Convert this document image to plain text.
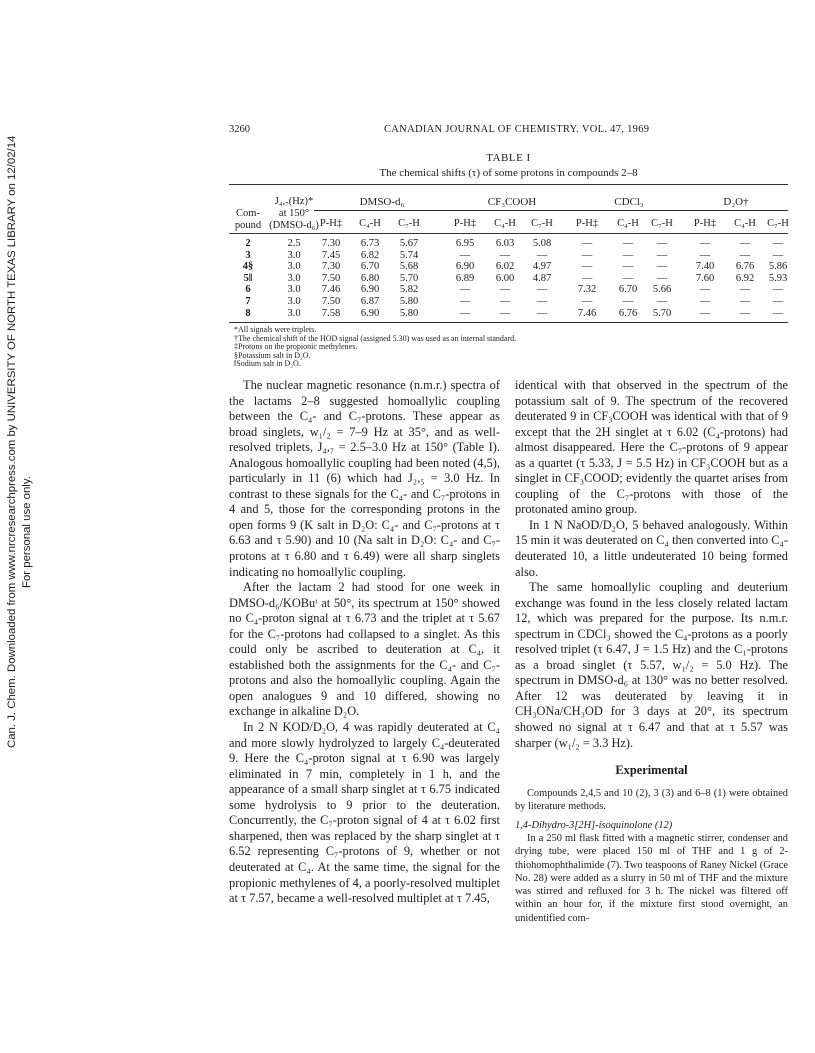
Can. J. Chem. Downloaded from www.nrcresearchpress.com by UNIVERSITY OF NORTH TEXAS LIBRARY on 12/02/14 For personal use only.
3260	CANADIAN JOURNAL OF CHEMISTRY. VOL. 47, 1969
TABLE I
The chemical shifts (τ) of some protons in compounds 2–8
Com-
pound
J₄,₇(Hz)*
at 150°
(DMSO-d₆)
DMSO-d₆	CF₃COOH	CDCl₃	D₂O†
P-H‡	C₄-H	C₇-H	P-H‡	C₄-H	C₇-H	P-H‡	C₄-H	C₇-H	P-H‡	C₄-H	C₇-H
2	2.5	7.30	6.73	5.67	6.95	6.03	5.08	—	—	—	—	—	—
3	3.0	7.45	6.82	5.74	—	—	—	—	—	—	—	—	—
4§	3.0	7.30	6.70	5.68	6.90	6.02	4.97	—	—	—	7.40	6.76	5.86
5‖	3.0	7.50	6.80	5.70	6.89	6.00	4.87	—	—	—	7.60	6.92	5.93
6	3.0	7.46	6.90	5.82	—	—	—	7.32	6.70	5.66	—	—	—
7	3.0	7.50	6.87	5.80	—	—	—	—	—	—	—	—	—
8	3.0	7.58	6.90	5.80	—	—	—	7.46	6.76	5.70	—	—	—
*All signals were triplets.
†The chemical shift of the HOD signal (assigned 5.30) was used as an internal standard.
‡Protons on the propionic methylenes.
§Potassium salt in D₂O.
‖Sodium salt in D₂O.

The nuclear magnetic resonance (n.m.r.) spectra of the lactams 2–8 suggested homoallylic coupling between the C₄- and C₇-protons. These appear as broad singlets, w₁/₂ = 7–9 Hz at 35°, and as well-resolved triplets, J₄,₇ = 2.5–3.0 Hz at 150° (Table I). Analogous homoallylic coupling had been noted (4,5), particularly in 11 (6) which had J₂,₅ = 3.0 Hz. In contrast to these signals for the C₄- and C₇-protons in 4 and 5, those for the corresponding protons in the open forms 9 (K salt in D₂O: C₄- and C₇-protons at τ 6.63 and τ 5.90) and 10 (Na salt in D₂O: C₄- and C₇-protons at τ 6.80 and τ 6.49) were all sharp singlets indicating no homoallylic coupling.

After the lactam 2 had stood for one week in DMSO-d₆/KOBuᵗ at 50°, its spectrum at 150° showed no C₄-proton signal at τ 6.73 and the triplet at τ 5.67 for the C₇-protons had collapsed to a singlet. As this could only be ascribed to deuteration at C₄, it established both the assignments for the C₄- and C₇-protons and also the homoallylic coupling. Again the open analogues 9 and 10 differed, showing no exchange in alkaline D₂O.

In 2 N KOD/D₂O, 4 was rapidly deuterated at C₄ and more slowly hydrolyzed to largely C₄-deuterated 9. Here the C₄-proton signal at τ 6.90 was largely eliminated in 7 min, completely in 1 h, and the appearance of a small sharp singlet at τ 6.75 indicated some hydrolysis to 9 prior to the deuteration. Concurrently, the C₇-proton signal of 4 at τ 6.02 first sharpened, then was replaced by the sharp singlet at τ 6.52 representing C₇-protons of 9, whether or not deuterated at C₄. At the same time, the signal for the propionic methylenes of 4, a poorly-resolved multiplet at τ 7.57, became a well-resolved multiplet at τ 7.45,

identical with that observed in the spectrum of the potassium salt of 9. The spectrum of the recovered deuterated 9 in CF₃COOH was identical with that of 9 except that the 2H singlet at τ 6.02 (C₄-protons) had almost disappeared. Here the C₇-protons of 9 appear as a quartet (τ 5.33, J = 5.5 Hz) in CF₃COOH but as a singlet in CF₃COOD; evidently the quartet arises from coupling of the C₇-protons with those of the protonated amino group.

In 1 N NaOD/D₂O, 5 behaved analogously. Within 15 min it was deuterated on C₄ then converted into C₄-deuterated 10, a little undeuterated 10 being formed also.

The same homoallylic coupling and deuterium exchange was found in the less closely related lactam 12, which was prepared for the purpose. Its n.m.r. spectrum in CDCl₃ showed the C₄-protons as a poorly resolved triplet (τ 6.47, J = 1.5 Hz) and the C₁-protons as a broad singlet (τ 5.57, w₁/₂ = 5.0 Hz). The spectrum in DMSO-d₆ at 130° was no better resolved. After 12 was deuterated by leaving it in CH₃ONa/CH₃OD for 3 days at 20°, its spectrum showed no signal at τ 6.47 and that at τ 5.57 was sharper (w₁/₂ = 3.3 Hz).

Experimental

Compounds 2,4,5 and 10 (2), 3 (3) and 6–8 (1) were obtained by literature methods.

1,4-Dihydro-3[2H]-isoquinolone (12)

In a 250 ml flask fitted with a magnetic stirrer, condenser and drying tube, were placed 150 ml of THF and 1 g of 2-thiohomophthalimide (7). Two teaspoons of Raney Nickel (Grace No. 28) were added as a slurry in 50 ml of THF and the mixture was stirred and refluxed for 3 h. The nickel was filtered off within an hour for, if the mixture first stood overnight, an unidentified com-
